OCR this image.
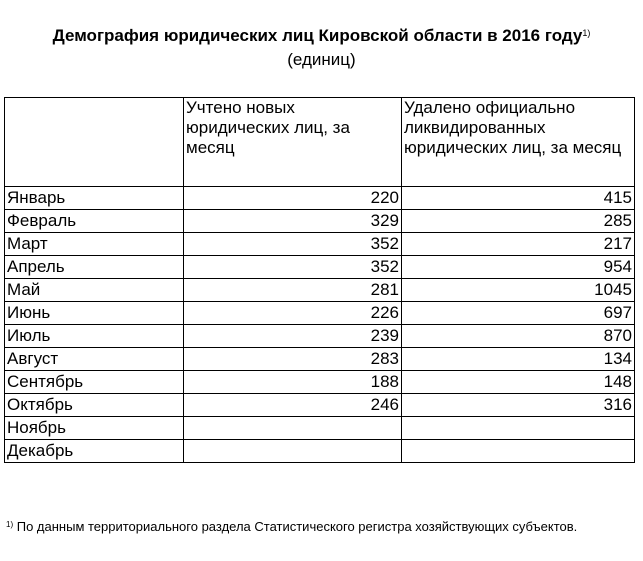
Демография юридических лиц Кировской области в 2016 году$^{1)}$
(единиц)
	Учтено новых юридических лиц, за месяц	Удалено официально ликвидированных юридических лиц, за месяц
Январь	220	415
Февраль	329	285
Март	352	217
Апрель	352	954
Май	281	1045
Июнь	226	697
Июль	239	870
Август	283	134
Сентябрь	188	148
Октябрь	246	316
Ноябрь		
Декабрь		
$^{1)}$ По данным территориального раздела Статистического регистра хозяйствующих субъектов.
